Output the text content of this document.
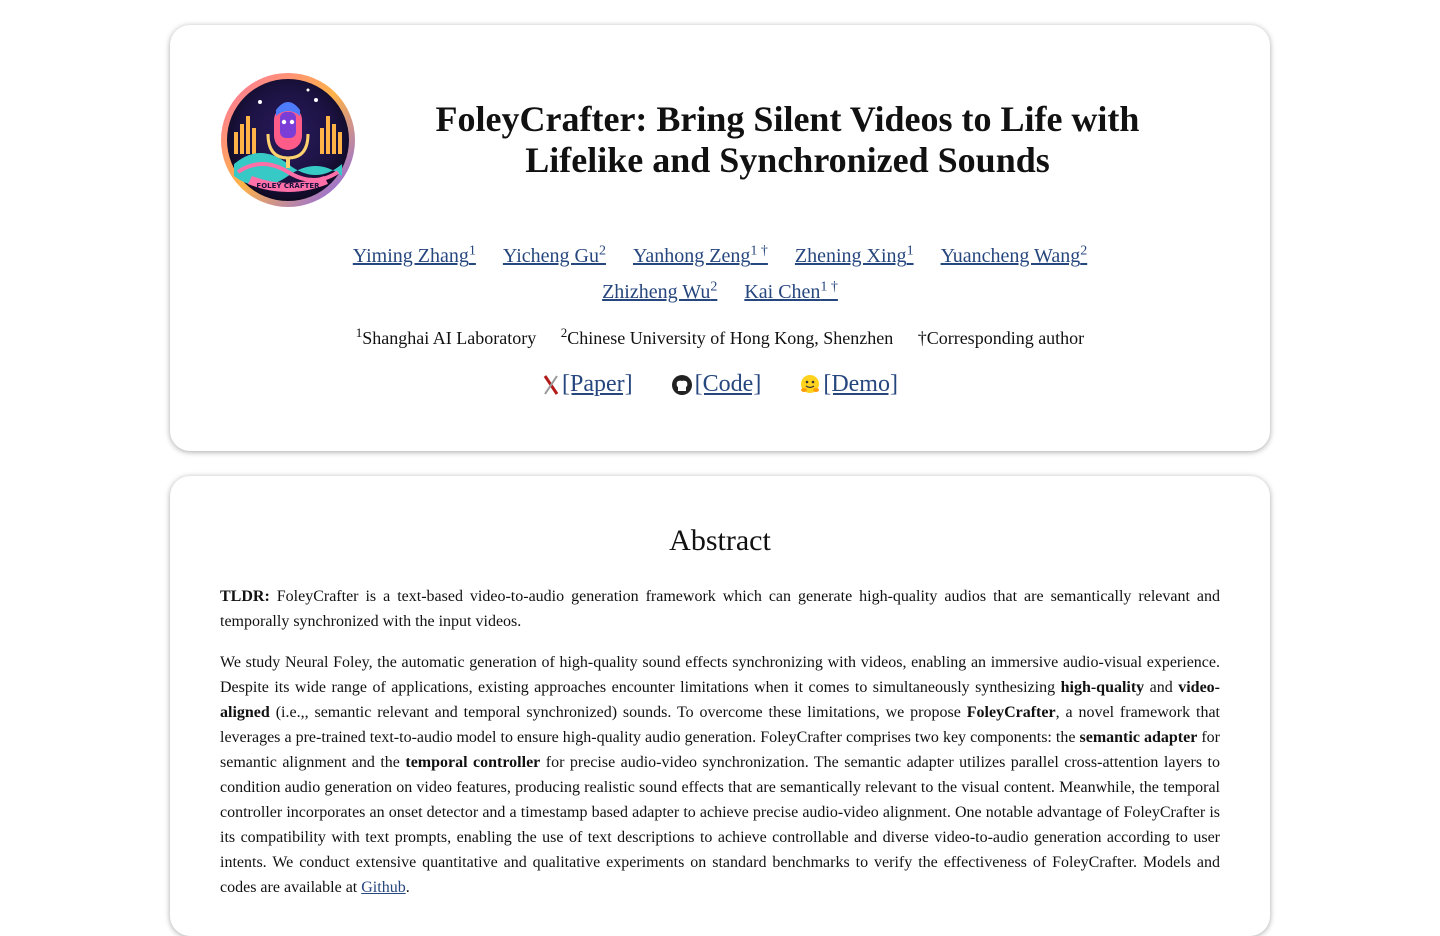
FOLEY CRAFTER
FoleyCrafter: Bring Silent Videos to Life with Lifelike and Synchronized Sounds
Yiming Zhang$^1$ Yicheng Gu$^2$ Yanhong Zeng$^{1 \dagger}$ Zhening Xing$^1$ Yuancheng Wang$^2$
Zhizheng Wu$^2$ Kai Chen$^{1 \dagger}$
$^1$Shanghai AI Laboratory $^2$Chinese University of Hong Kong, Shenzhen †Corresponding author
[Paper]
	[Code]
	[Demo]
Abstract

TLDR: FoleyCrafter is a text-based video-to-audio generation framework which can generate high-quality audios that are semantically relevant and temporally synchronized with the input videos.

We study Neural Foley, the automatic generation of high-quality sound effects synchronizing with videos, enabling an immersive audio-visual experience. Despite its wide range of applications, existing approaches encounter limitations when it comes to simultaneously synthesizing high-quality and video-aligned (i.e.,, semantic relevant and temporal synchronized) sounds. To overcome these limitations, we propose FoleyCrafter, a novel framework that leverages a pre-trained text-to-audio model to ensure high-quality audio generation. FoleyCrafter comprises two key components: the semantic adapter for semantic alignment and the temporal controller for precise audio-video synchronization. The semantic adapter utilizes parallel cross-attention layers to condition audio generation on video features, producing realistic sound effects that are semantically relevant to the visual content. Meanwhile, the temporal controller incorporates an onset detector and a timestamp based adapter to achieve precise audio-video alignment. One notable advantage of FoleyCrafter is its compatibility with text prompts, enabling the use of text descriptions to achieve controllable and diverse video-to-audio generation according to user intents. We conduct extensive quantitative and qualitative experiments on standard benchmarks to verify the effectiveness of FoleyCrafter. Models and codes are available at Github.
